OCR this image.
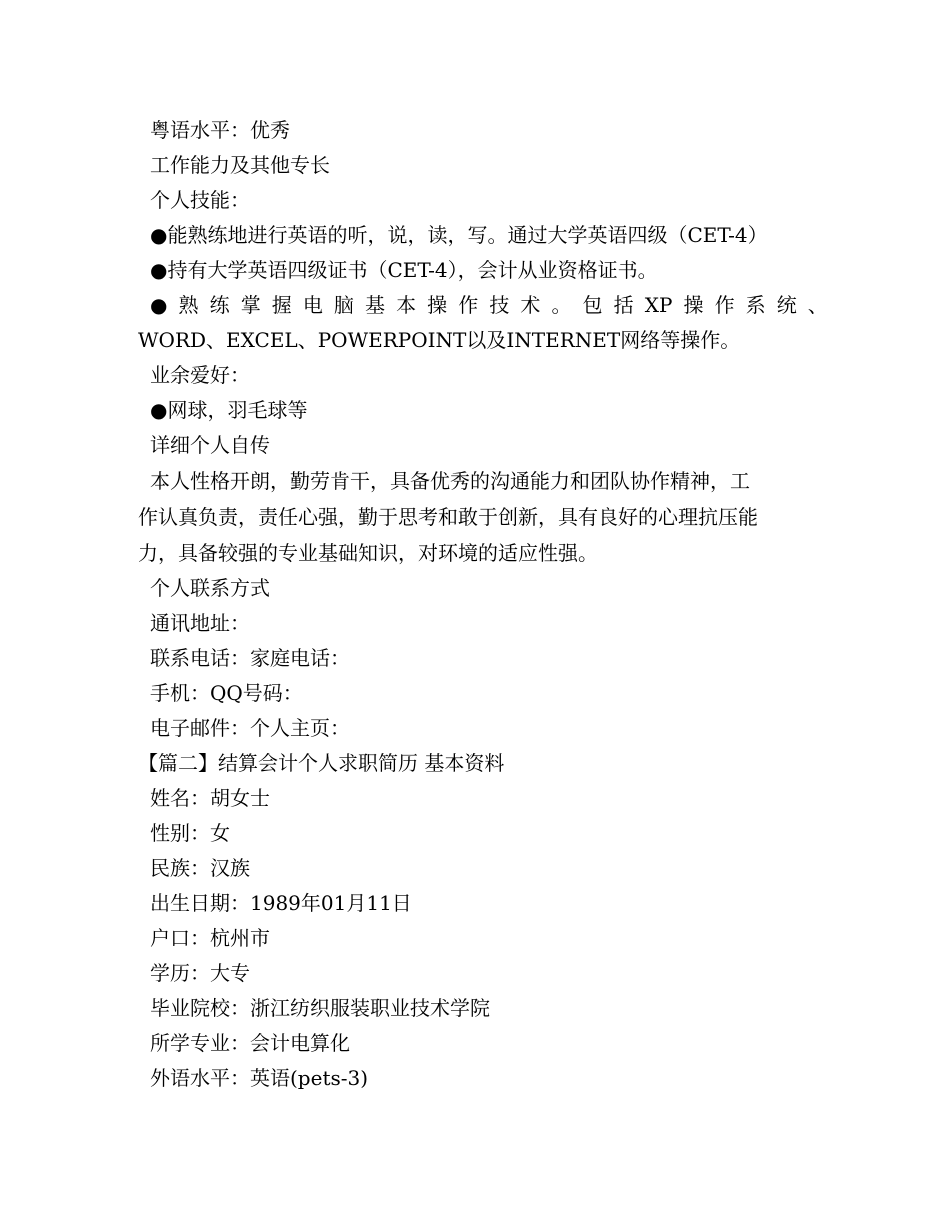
粤语水平：优秀
工作能力及其他专长
个人技能：
●能熟练地进行英语的听，说，读，写。通过大学英语四级（CET-4）
●持有大学英语四级证书（CET-4），会计从业资格证书。
● 熟 练 掌 握 电 脑 基 本 操 作 技 术 。 包 括 XP 操 作 系 统 、
WORD、EXCEL、POWERPOINT以及INTERNET网络等操作。
业余爱好：
●网球，羽毛球等
详细个人自传
本人性格开朗，勤劳肯干，具备优秀的沟通能力和团队协作精神，工
作认真负责，责任心强，勤于思考和敢于创新，具有良好的心理抗压能
力，具备较强的专业基础知识，对环境的适应性强。
个人联系方式
通讯地址：
联系电话：家庭电话：
手机：QQ号码：
电子邮件：个人主页：
【篇二】结算会计个人求职简历 基本资料
姓名：胡女士
性别：女
民族：汉族
出生日期：1989年01月11日
户口：杭州市
学历：大专
毕业院校：浙江纺织服装职业技术学院
所学专业：会计电算化
外语水平：英语(pets-3)
